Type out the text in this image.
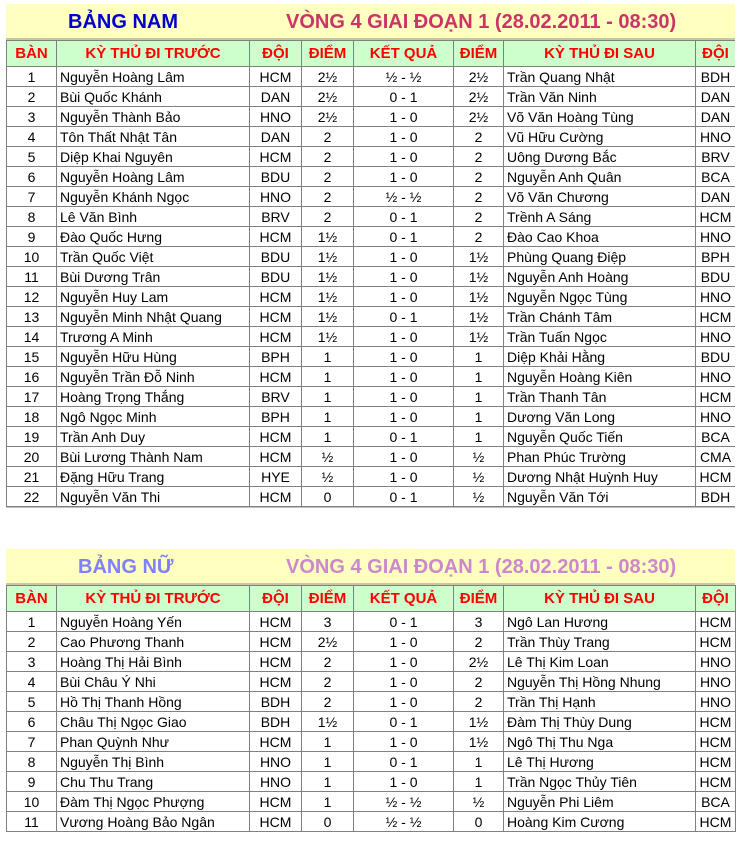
BẢNG NAM	VÒNG 4 GIAI ĐOẠN 1 (28.02.2011 - 08:30)
BÀN	KỲ THỦ ĐI TRƯỚC	ĐỘI	ĐIỂM	KẾT QUẢ	ĐIỂM	KỲ THỦ ĐI SAU	ĐỘI
1	Nguyễn Hoàng Lâm	HCM	2½	½ - ½	2½	Trần Quang Nhật	BDH
2	Bùi Quốc Khánh	DAN	2½	0 - 1	2½	Trần Văn Ninh	DAN
3	Nguyễn Thành Bảo	HNO	2½	1 - 0	2½	Võ Văn Hoàng Tùng	DAN
4	Tôn Thất Nhật Tân	DAN	2	1 - 0	2	Vũ Hữu Cường	HNO
5	Diệp Khai Nguyên	HCM	2	1 - 0	2	Uông Dương Bắc	BRV
6	Nguyễn Hoàng Lâm	BDU	2	1 - 0	2	Nguyễn Anh Quân	BCA
7	Nguyễn Khánh Ngọc	HNO	2	½ - ½	2	Võ Văn Chương	DAN
8	Lê Văn Bình	BRV	2	0 - 1	2	Trềnh A Sáng	HCM
9	Đào Quốc Hưng	HCM	1½	0 - 1	2	Đào Cao Khoa	HNO
10	Trần Quốc Việt	BDU	1½	1 - 0	1½	Phùng Quang Điệp	BPH
11	Bùi Dương Trân	BDU	1½	1 - 0	1½	Nguyễn Anh Hoàng	BDU
12	Nguyễn Huy Lam	HCM	1½	1 - 0	1½	Nguyễn Ngọc Tùng	HNO
13	Nguyễn Minh Nhật Quang	HCM	1½	0 - 1	1½	Trần Chánh Tâm	HCM
14	Trương A Minh	HCM	1½	1 - 0	1½	Trần Tuấn Ngọc	HNO
15	Nguyễn Hữu Hùng	BPH	1	1 - 0	1	Diệp Khải Hằng	BDU
16	Nguyễn Trần Đỗ Ninh	HCM	1	1 - 0	1	Nguyễn Hoàng Kiên	HNO
17	Hoàng Trọng Thắng	BRV	1	1 - 0	1	Trần Thanh Tân	HCM
18	Ngô Ngọc Minh	BPH	1	1 - 0	1	Dương Văn Long	HNO
19	Trần Anh Duy	HCM	1	0 - 1	1	Nguyễn Quốc Tiến	BCA
20	Bùi Lương Thành Nam	HCM	½	1 - 0	½	Phan Phúc Trường	CMA
21	Đặng Hữu Trang	HYE	½	1 - 0	½	Dương Nhật Huỳnh Huy	HCM
22	Nguyễn Văn Thi	HCM	0	0 - 1	½	Nguyễn Văn Tới	BDH
BẢNG NỮ	VÒNG 4 GIAI ĐOẠN 1 (28.02.2011 - 08:30)
BÀN	KỲ THỦ ĐI TRƯỚC	ĐỘI	ĐIỂM	KẾT QUẢ	ĐIỂM	KỲ THỦ ĐI SAU	ĐỘI
1	Nguyễn Hoàng Yến	HCM	3	0 - 1	3	Ngô Lan Hương	HCM
2	Cao Phương Thanh	HCM	2½	1 - 0	2	Trần Thùy Trang	HCM
3	Hoàng Thị Hải Bình	HCM	2	1 - 0	2½	Lê Thị Kim Loan	HNO
4	Bùi Châu Ý Nhi	HCM	2	1 - 0	2	Nguyễn Thị Hồng Nhung	HNO
5	Hồ Thị Thanh Hồng	BDH	2	1 - 0	2	Trần Thị Hạnh	HNO
6	Châu Thị Ngọc Giao	BDH	1½	0 - 1	1½	Đàm Thị Thùy Dung	HCM
7	Phan Quỳnh Như	HCM	1	1 - 0	1½	Ngô Thị Thu Nga	HCM
8	Nguyễn Thị Bình	HNO	1	0 - 1	1	Lê Thị Hương	HCM
9	Chu Thu Trang	HNO	1	1 - 0	1	Trần Ngọc Thủy Tiên	HCM
10	Đàm Thị Ngọc Phượng	HCM	1	½ - ½	½	Nguyễn Phi Liêm	BCA
11	Vương Hoàng Bảo Ngân	HCM	0	½ - ½	0	Hoàng Kim Cương	HCM
